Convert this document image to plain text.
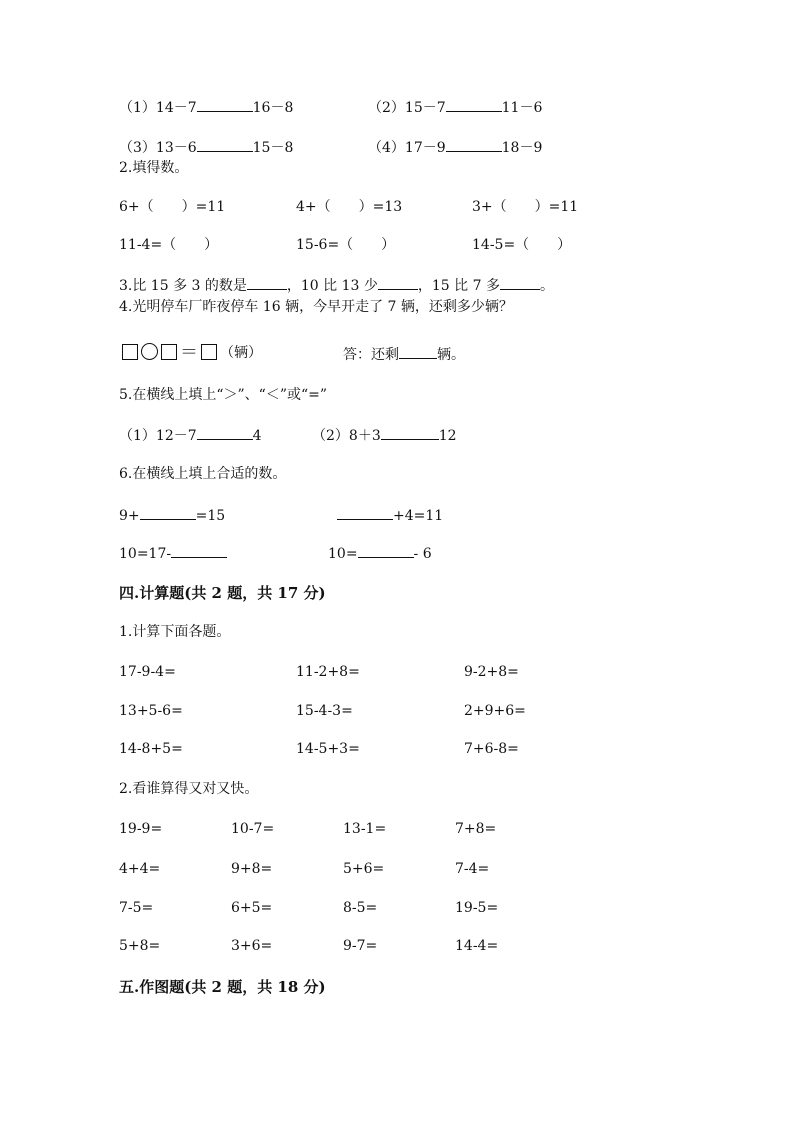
（1）14－7	16－8	（2）15－7	11－6
（3）13－6	15－8	（4）17－9	18－9
2.填得数。
6+（　　）=11	4+（　　）=13	3+（　　）=11
11-4=（　　）	15-6=（　　）	14-5=（　　）
3.比 15 多 3 的数是	，10 比 13 少	，15 比 7 多	。
4.光明停车厂昨夜停车 16 辆，今早开走了 7 辆，还剩多少辆？
＝ （辆）	答：还剩	辆。
5.在横线上填上“＞”、“＜”或“=”
（1）12－7	4	（2）8＋3	12
6.在横线上填上合适的数。
9+	=15	+4=11
10=17-	10=	- 6
四.计算题(共 2 题，共 17 分)
1.计算下面各题。
17-9-4=	11-2+8=	9-2+8=
13+5-6=	15-4-3=	2+9+6=
14-8+5=	14-5+3=	7+6-8=
2.看谁算得又对又快。
19-9=	10-7=	13-1=	7+8=
4+4=	9+8=	5+6=	7-4=
7-5=	6+5=	8-5=	19-5=
5+8=	3+6=	9-7=	14-4=
五.作图题(共 2 题，共 18 分)
